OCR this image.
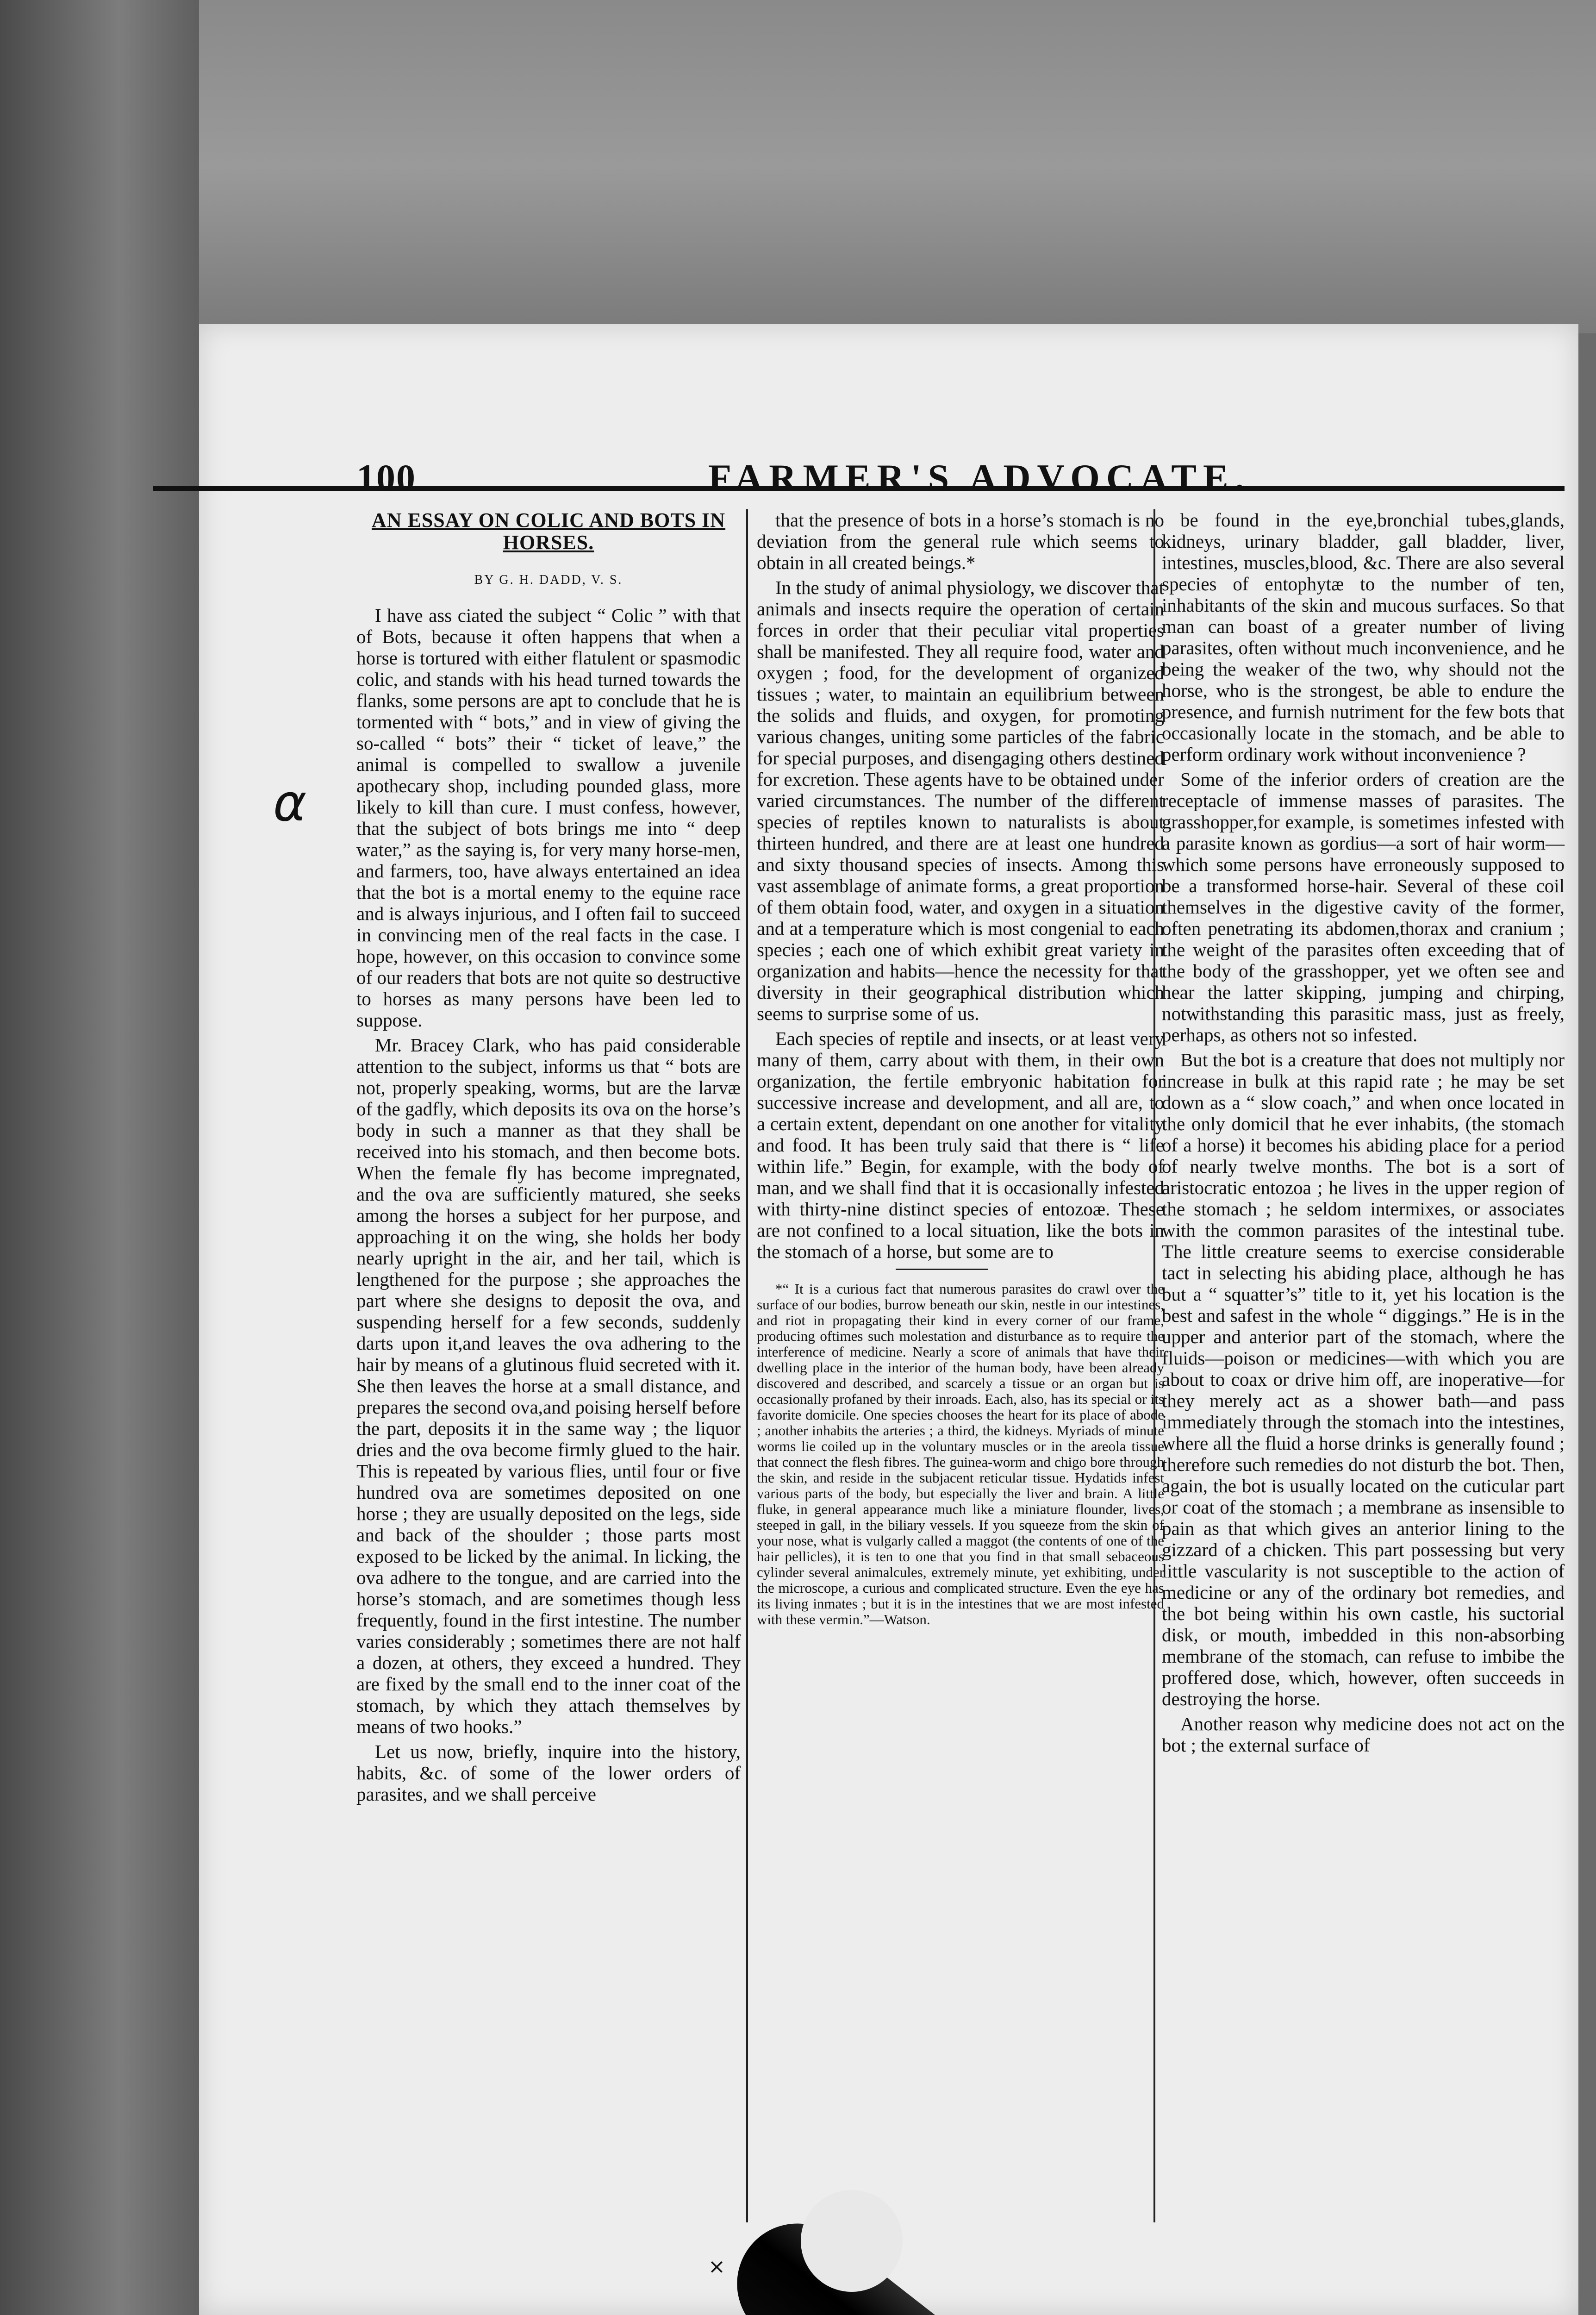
100	FARMER'S ADVOCATE.
AN ESSAY ON COLIC AND BOTS IN HORSES.
BY G. H. DADD, V. S.

I have ass ciated the subject “ Colic ” with that of Bots, because it often happens that when a horse is tortured with either flatulent or spasmodic colic, and stands with his head turned towards the flanks, some persons are apt to conclude that he is tormented with “ bots,” and in view of giving the so-called “ bots” their “ ticket of leave,” the animal is compelled to swallow a juvenile apothecary shop, including pounded glass, more likely to kill than cure. I must confess, however, that the subject of bots brings me into “ deep water,” as the saying is, for very many horse-men, and farmers, too, have always entertained an idea that the bot is a mortal enemy to the equine race and is always injurious, and I often fail to succeed in convincing men of the real facts in the case. I hope, however, on this occasion to convince some of our readers that bots are not quite so destructive to horses as many persons have been led to suppose.

Mr. Bracey Clark, who has paid considerable attention to the subject, informs us that “ bots are not, properly speaking, worms, but are the larvæ of the gadfly, which deposits its ova on the horse’s body in such a manner as that they shall be received into his stomach, and then become bots. When the female fly has become impregnated, and the ova are sufficiently matured, she seeks among the horses a subject for her purpose, and approaching it on the wing, she holds her body nearly upright in the air, and her tail, which is lengthened for the purpose ; she approaches the part where she designs to deposit the ova, and suspending herself for a few seconds, suddenly darts upon it,and leaves the ova adhering to the hair by means of a glutinous fluid secreted with it. She then leaves the horse at a small distance, and prepares the second ova,and poising herself before the part, deposits it in the same way ; the liquor dries and the ova become firmly glued to the hair. This is repeated by various flies, until four or five hundred ova are sometimes deposited on one horse ; they are usually deposited on the legs, side and back of the shoulder ; those parts most exposed to be licked by the animal. In licking, the ova adhere to the tongue, and are carried into the horse’s stomach, and are sometimes though less frequently, found in the first intestine. The number varies considerably ; sometimes there are not half a dozen, at others, they exceed a hundred. They are fixed by the small end to the inner coat of the stomach, by which they attach themselves by means of two hooks.”

Let us now, briefly, inquire into the history, habits, &c. of some of the lower orders of parasites, and we shall perceive

that the presence of bots in a horse’s stomach is no deviation from the general rule which seems to obtain in all created beings.*

In the study of animal physiology, we discover that animals and insects require the operation of certain forces in order that their peculiar vital properties shall be manifested. They all require food, water and oxygen ; food, for the development of organized tissues ; water, to maintain an equilibrium between the solids and fluids, and oxygen, for promoting various changes, uniting some particles of the fabric for special purposes, and disengaging others destined for excretion. These agents have to be obtained under varied circumstances. The number of the different species of reptiles known to naturalists is about thirteen hundred, and there are at least one hundred and sixty thousand species of insects. Among this vast assemblage of animate forms, a great proportion of them obtain food, water, and oxygen in a situation and at a temperature which is most congenial to each species ; each one of which exhibit great variety in organization and habits—hence the necessity for that diversity in their geographical distribution which seems to surprise some of us.

Each species of reptile and insects, or at least very many of them, carry about with them, in their own organization, the fertile embryonic habitation for successive increase and development, and all are, to a certain extent, dependant on one another for vitality and food. It has been truly said that there is “ life within life.” Begin, for example, with the body of man, and we shall find that it is occasionally infested with thirty-nine distinct species of entozoæ. These are not confined to a local situation, like the bots in the stomach of a horse, but some are to

*“ It is a curious fact that numerous parasites do crawl over the surface of our bodies, burrow beneath our skin, nestle in our intestines, and riot in propagating their kind in every corner of our frame, producing oftimes such molestation and disturbance as to require the interference of medicine. Nearly a score of animals that have their dwelling place in the interior of the human body, have been already discovered and described, and scarcely a tissue or an organ but is occasionally profaned by their inroads. Each, also, has its special or its favorite domicile. One species chooses the heart for its place of abode ; another inhabits the arteries ; a third, the kidneys. Myriads of minute worms lie coiled up in the voluntary muscles or in the areola tissue that connect the flesh fibres. The guinea-worm and chigo bore through the skin, and reside in the subjacent reticular tissue. Hydatids infest various parts of the body, but especially the liver and brain. A little fluke, in general appearance much like a miniature flounder, lives, steeped in gall, in the biliary vessels. If you squeeze from the skin of your nose, what is vulgarly called a maggot (the contents of one of the hair pellicles), it is ten to one that you find in that small sebaceous cylinder several animalcules, extremely minute, yet exhibiting, under the microscope, a curious and complicated structure. Even the eye has its living inmates ; but it is in the intestines that we are most infested with these vermin.”—Watson.

be found in the eye,bronchial tubes,glands, kidneys, urinary bladder, gall bladder, liver, intestines, muscles,blood, &c. There are also several species of entophytæ to the number of ten, inhabitants of the skin and mucous surfaces. So that man can boast of a greater number of living parasites, often without much inconvenience, and he being the weaker of the two, why should not the horse, who is the strongest, be able to endure the presence, and furnish nutriment for the few bots that occasionally locate in the stomach, and be able to perform ordinary work without inconvenience ?

Some of the inferior orders of creation are the receptacle of immense masses of parasites. The grasshopper,for example, is sometimes infested with a parasite known as gordius—a sort of hair worm—which some persons have erroneously supposed to be a transformed horse-hair. Several of these coil themselves in the digestive cavity of the former, often penetrating its abdomen,thorax and cranium ; the weight of the parasites often exceeding that of the body of the grasshopper, yet we often see and hear the latter skipping, jumping and chirping, notwithstanding this parasitic mass, just as freely, perhaps, as others not so infested.

But the bot is a creature that does not multiply nor increase in bulk at this rapid rate ; he may be set down as a “ slow coach,” and when once located in the only domicil that he ever inhabits, (the stomach of a horse) it becomes his abiding place for a period of nearly twelve months. The bot is a sort of aristocratic entozoa ; he lives in the upper region of the stomach ; he seldom intermixes, or associates with the common parasites of the intestinal tube. The little creature seems to exercise considerable tact in selecting his abiding place, although he has but a “ squatter’s” title to it, yet his location is the best and safest in the whole “ diggings.” He is in the upper and anterior part of the stomach, where the fluids—poison or medicines—with which you are about to coax or drive him off, are inoperative—for they merely act as a shower bath—and pass immediately through the stomach into the intestines, where all the fluid a horse drinks is generally found ; therefore such remedies do not disturb the bot. Then, again, the bot is usually located on the cuticular part or coat of the stomach ; a membrane as insensible to pain as that which gives an anterior lining to the gizzard of a chicken. This part possessing but very little vascularity is not susceptible to the action of medicine or any of the ordinary bot remedies, and the bot being within his own castle, his suctorial disk, or mouth, imbedded in this non-absorbing membrane of the stomach, can refuse to imbibe the proffered dose, which, however, often succeeds in destroying the horse.

Another reason why medicine does not act on the bot ; the external surface of

α
×
